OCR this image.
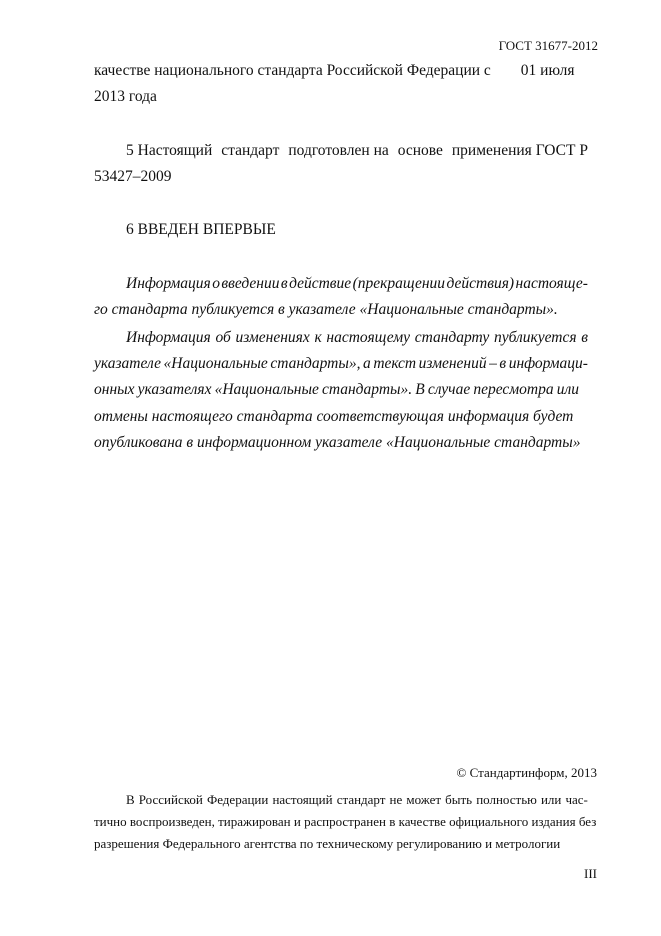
ГОСТ 31677-2012
качестве национального стандарта Российской Федерации с 01 июля
2013 года
5 Настоящий стандарт подготовлен на основе применения ГОСТ Р
53427–2009
6 ВВЕДЕН ВПЕРВЫЕ
Информация о введении в действие (прекращении действия) настояще-
го стандарта публикуется в указателе «Национальные стандарты».
Информация об изменениях к настоящему стандарту публикуется в
указателе «Национальные стандарты», а текст изменений – в информаци-
онных указателях «Национальные стандарты». В случае пересмотра или
отмены настоящего стандарта соответствующая информация будет
опубликована в информационном указателе «Национальные стандарты»
© Стандартинформ, 2013
В Российской Федерации настоящий стандарт не может быть полностью или час-
тично воспроизведен, тиражирован и распространен в качестве официального издания без
разрешения Федерального агентства по техническому регулированию и метрологии
III
